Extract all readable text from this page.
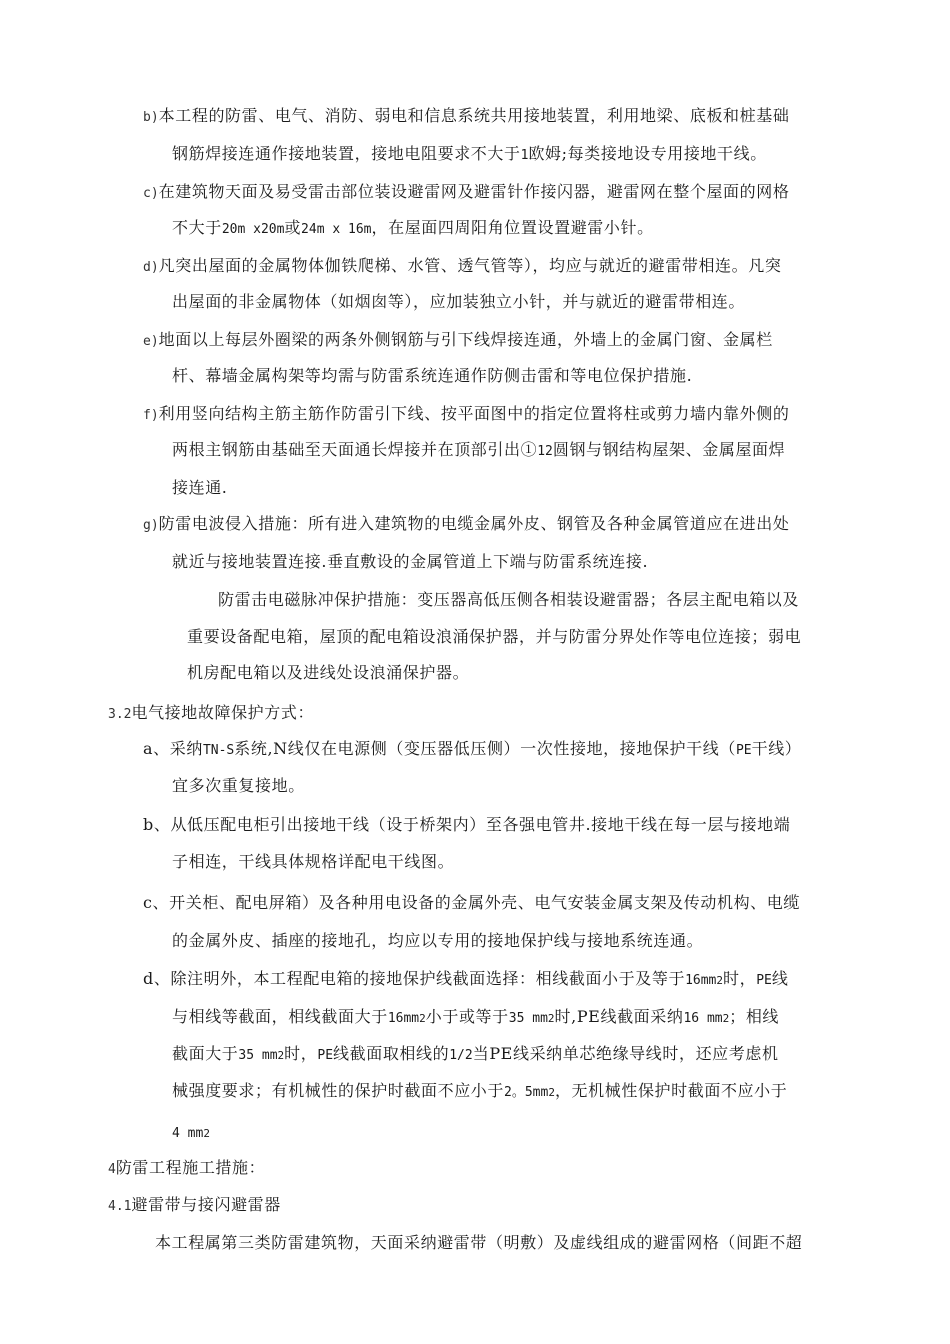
b)本工程的防雷、电气、消防、弱电和信息系统共用接地装置，利用地梁、底板和桩基础
钢筋焊接连通作接地装置，接地电阻要求不大于1欧姆;每类接地设专用接地干线。
c)在建筑物天面及易受雷击部位装设避雷网及避雷针作接闪器，避雷网在整个屋面的网格
不大于20m x20m或24m x 16m，在屋面四周阳角位置设置避雷小针。
d)凡突出屋面的金属物体伽铁爬梯、水管、透气管等），均应与就近的避雷带相连。凡突
出屋面的非金属物体（如烟囱等），应加装独立小针，并与就近的避雷带相连。
e)地面以上每层外圈梁的两条外侧钢筋与引下线焊接连通，外墙上的金属门窗、金属栏
杆、幕墙金属构架等均需与防雷系统连通作防侧击雷和等电位保护措施.
f)利用竖向结构主筋主筋作防雷引下线、按平面图中的指定位置将柱或剪力墙内靠外侧的
两根主钢筋由基础至天面通长焊接并在顶部引出①12圆钢与钢结构屋架、金属屋面焊
接连通.
g)防雷电波侵入措施：所有进入建筑物的电缆金属外皮、钢管及各种金属管道应在进出处
就近与接地装置连接.垂直敷设的金属管道上下端与防雷系统连接.
防雷击电磁脉冲保护措施：变压器高低压侧各相装设避雷器；各层主配电箱以及
重要设备配电箱，屋顶的配电箱设浪涌保护器，并与防雷分界处作等电位连接；弱电
机房配电箱以及进线处设浪涌保护器。
3.2电气接地故障保护方式：
a、采纳TN-S系统,N线仅在电源侧（变压器低压侧）一次性接地，接地保护干线（PE干线）
宜多次重复接地。
b、从低压配电柜引出接地干线（设于桥架内）至各强电管井.接地干线在每一层与接地端
子相连，干线具体规格详配电干线图。
c、开关柜、配电屏箱）及各种用电设备的金属外壳、电气安装金属支架及传动机构、电缆
的金属外皮、插座的接地孔，均应以专用的接地保护线与接地系统连通。
d、除注明外，本工程配电箱的接地保护线截面选择：相线截面小于及等于16mm2时，PE线
与相线等截面，相线截面大于16mm2小于或等于35 mm2时,PE线截面采纳16 mm2；相线
截面大于35 mm2时，PE线截面取相线的1/2当PE线采纳单芯绝缘导线时，还应考虑机
械强度要求；有机械性的保护时截面不应小于2。5mm2，无机械性保护时截面不应小于
4 mm2
4防雷工程施工措施：
4.1避雷带与接闪避雷器
本工程属第三类防雷建筑物，天面采纳避雷带（明敷）及虚线组成的避雷网格（间距不超
